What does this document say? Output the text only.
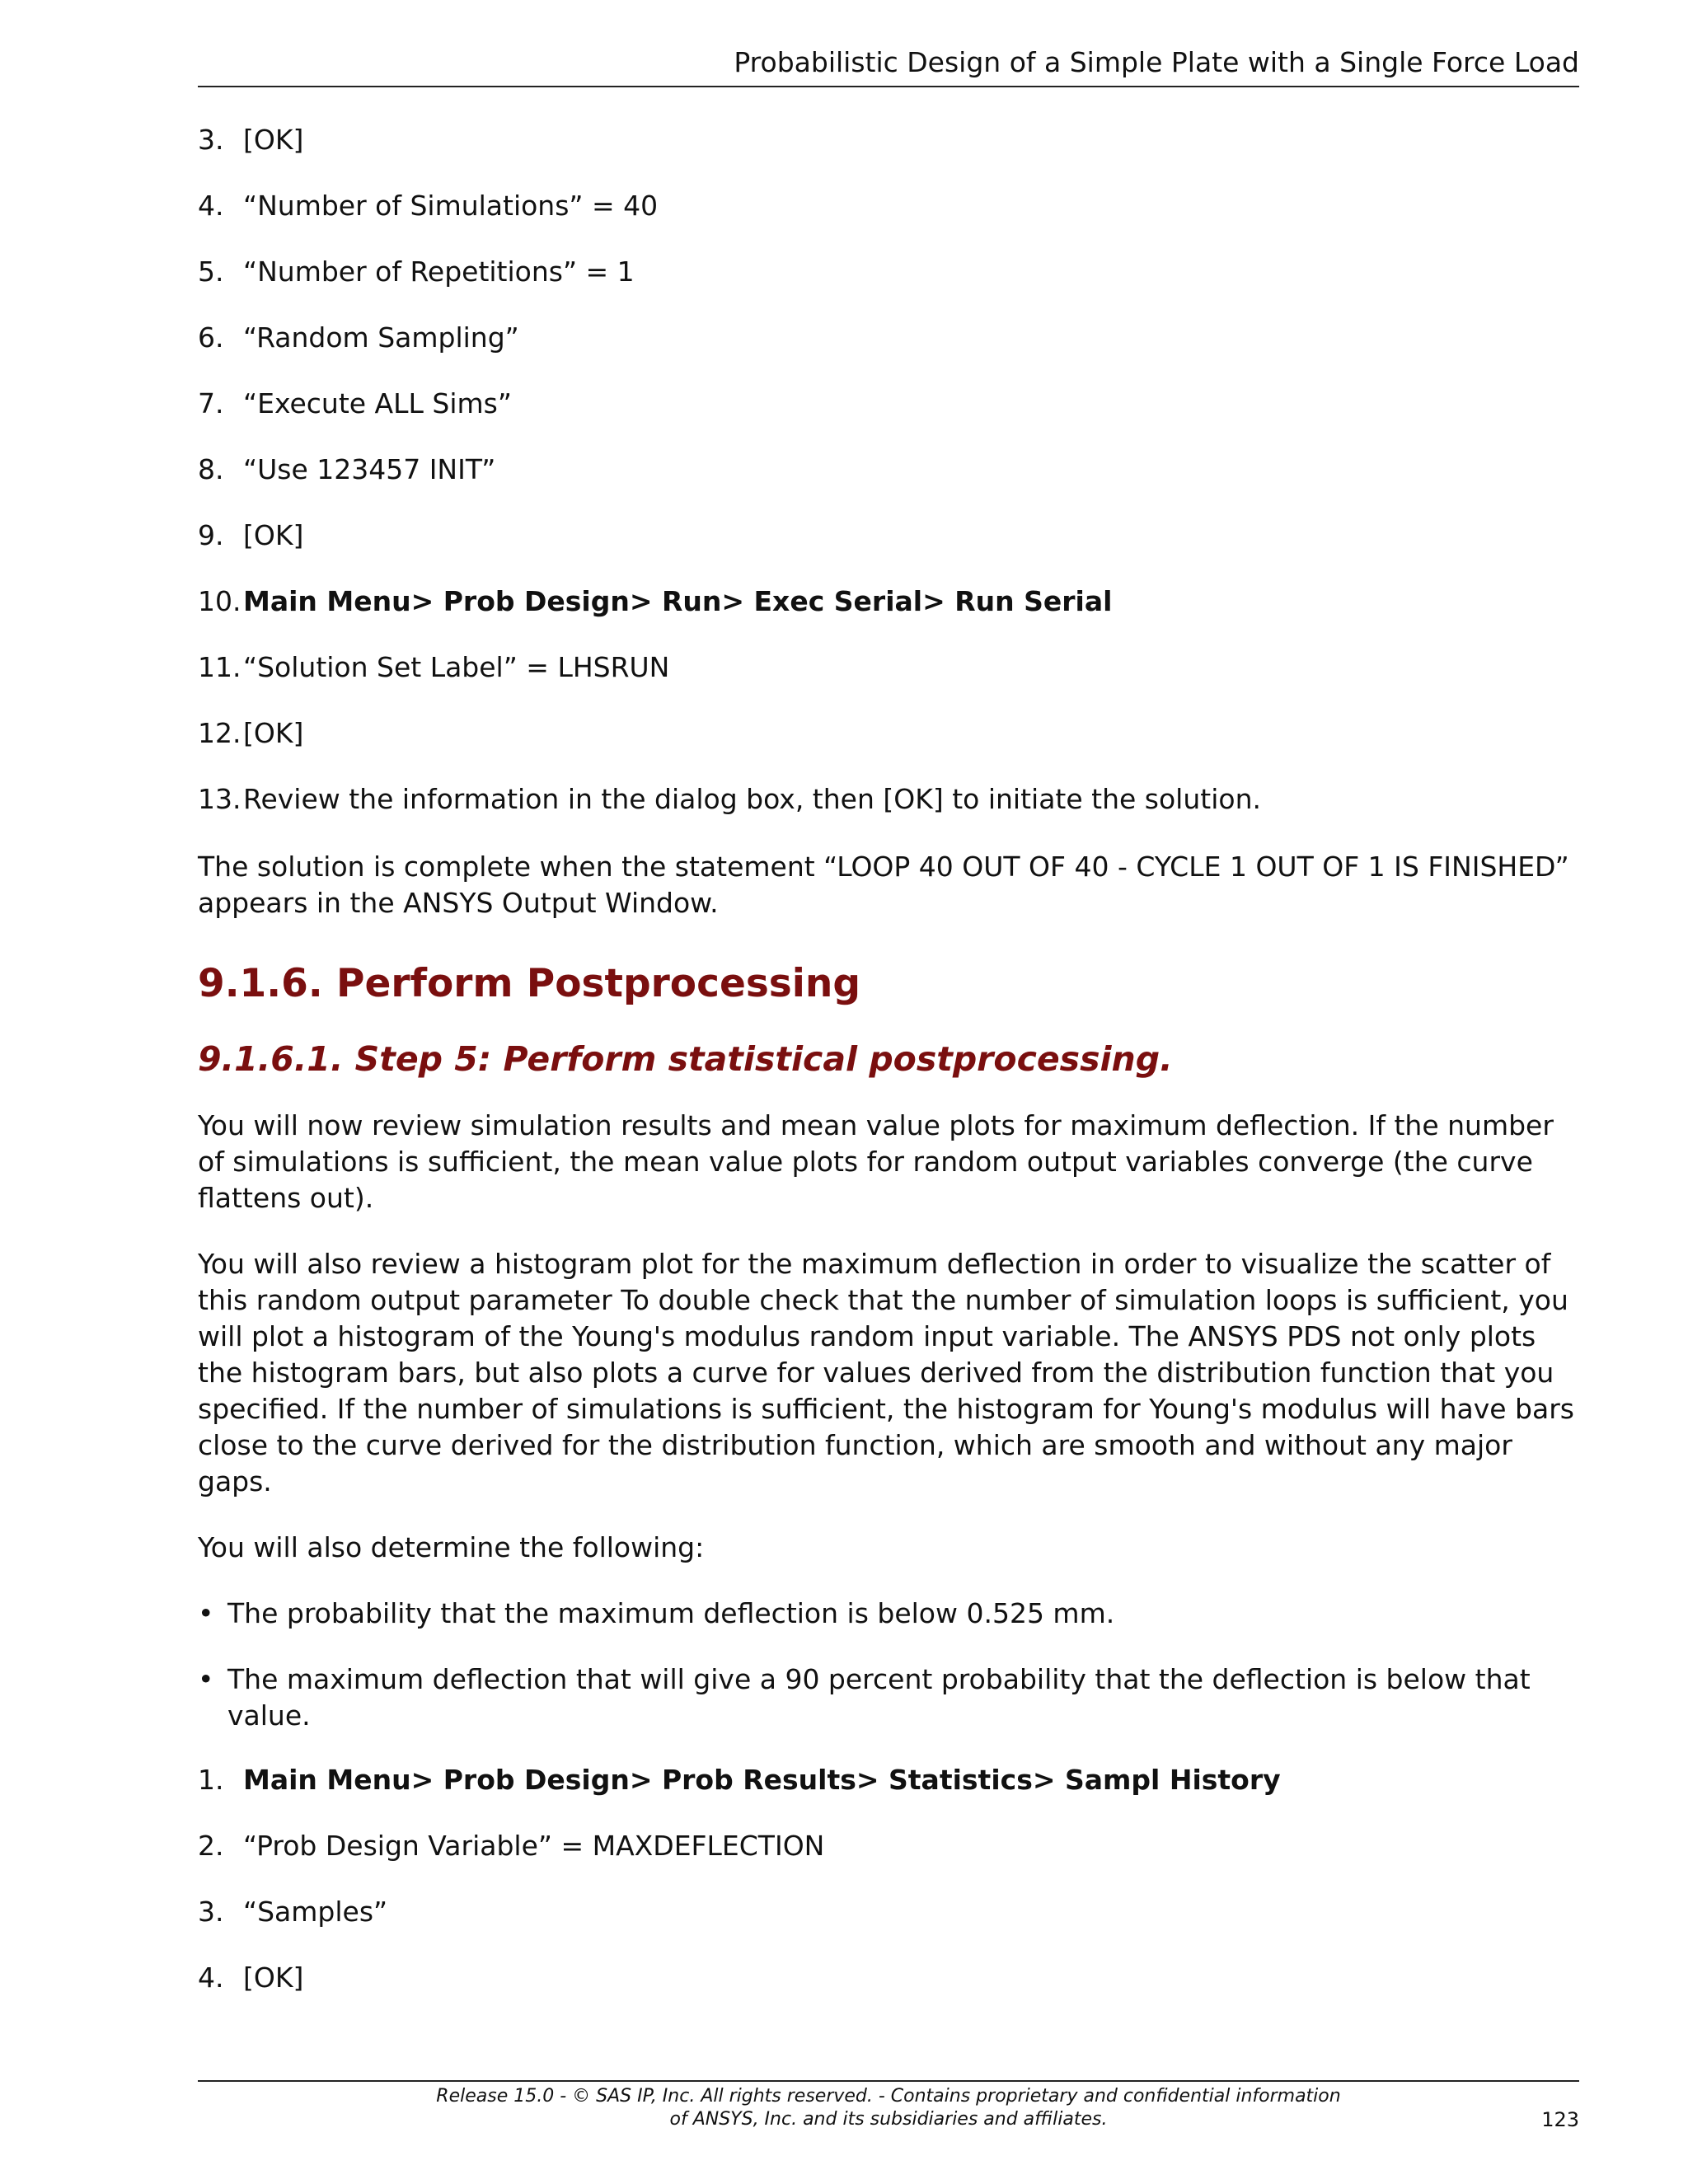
Probabilistic Design of a Simple Plate with a Single Force Load
3. [OK]
4. “Number of Simulations” = 40
5. “Number of Repetitions” = 1
6. “Random Sampling”
7. “Execute ALL Sims”
8. “Use 123457 INIT”
9. [OK]
10. Main Menu> Prob Design> Run> Exec Serial> Run Serial
11. “Solution Set Label” = LHSRUN
12. [OK]
13. Review the information in the dialog box, then [OK] to initiate the solution.

The solution is complete when the statement “LOOP 40 OUT OF 40 - CYCLE 1 OUT OF 1 IS FINISHED” appears in the ANSYS Output Window.

9.1.6. Perform Postprocessing
9.1.6.1. Step 5: Perform statistical postprocessing.

You will now review simulation results and mean value plots for maximum deflection. If the number of simulations is sufficient, the mean value plots for random output variables converge (the curve flattens out).

You will also review a histogram plot for the maximum deflection in order to visualize the scatter of this random output parameter To double check that the number of simulation loops is sufficient, you will plot a histogram of the Young's modulus random input variable. The ANSYS PDS not only plots the histogram bars, but also plots a curve for values derived from the distribution function that you specified. If the number of simulations is sufficient, the histogram for Young's modulus will have bars close to the curve derived for the distribution function, which are smooth and without any major gaps.

You will also determine the following:

• The probability that the maximum deflection is below 0.525 mm.
• The maximum deflection that will give a 90 percent probability that the deflection is below that value.
1. Main Menu> Prob Design> Prob Results> Statistics> Sampl History
2. “Prob Design Variable” = MAXDEFLECTION
3. “Samples”
4. [OK]
Release 15.0 - © SAS IP, Inc. All rights reserved. - Contains proprietary and confidential information
of ANSYS, Inc. and its subsidiaries and affiliates.	123
